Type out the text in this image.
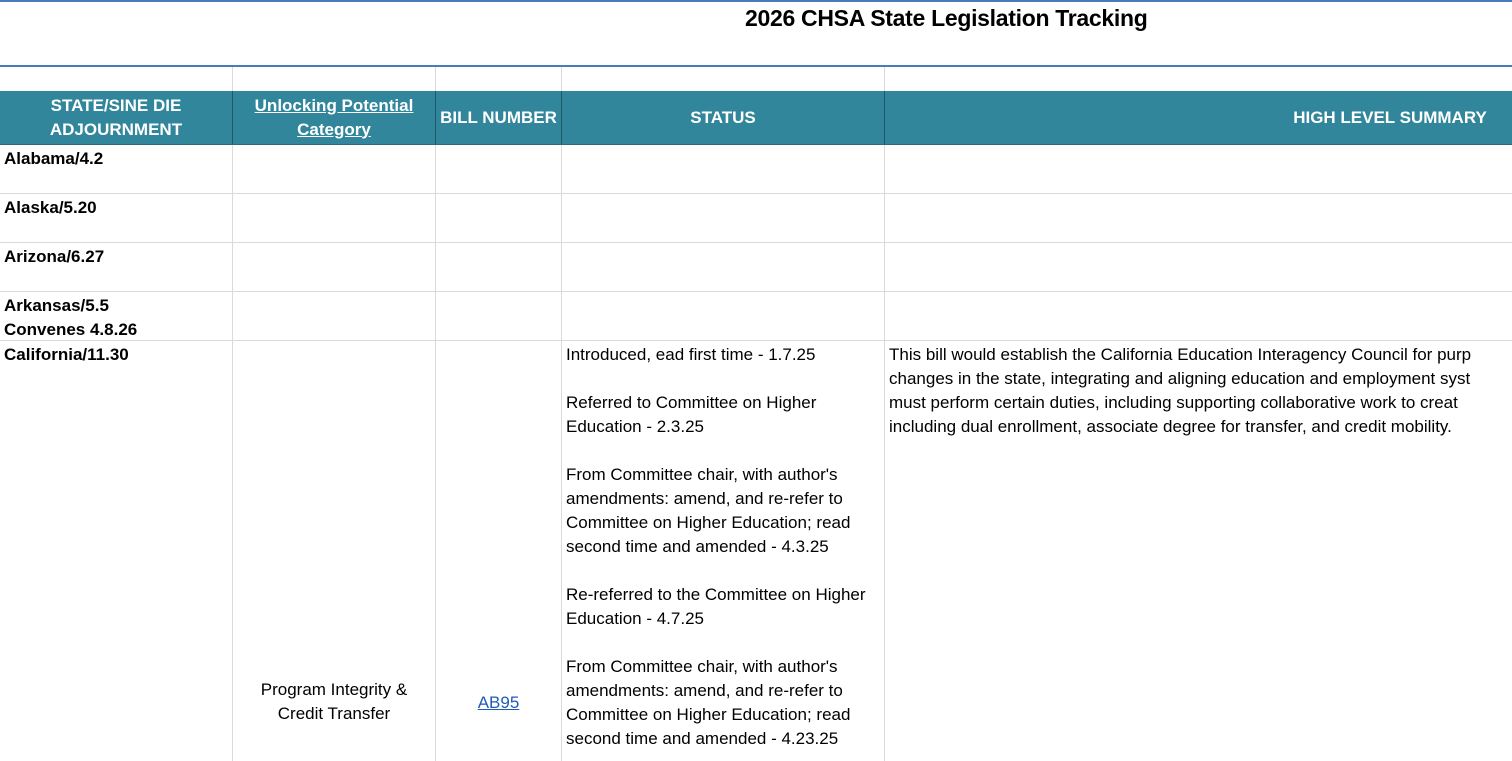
2026 CHSA State Legislation Tracking
STATE/SINE DIE ADJOURNMENT
Unlocking Potential Category
BILL NUMBER	STATUS	HIGH LEVEL SUMMARY
Alabama/4.2
Alaska/5.20
Arizona/6.27
Arkansas/5.5
Convenes 4.8.26
California/11.30
Program Integrity & Credit Transfer
AB95
Introduced, ead first time - 1.7.25

Referred to Committee on Higher Education - 2.3.25

From Committee chair, with author's amendments: amend, and re-refer to Committee on Higher Education; read second time and amended - 4.3.25

Re-referred to the Committee on Higher Education - 4.7.25

From Committee chair, with author's amendments: amend, and re-refer to Committee on Higher Education; read second time and amended - 4.23.25
This bill would establish the California Education Interagency Council for purp
changes in the state, integrating and aligning education and employment syst
must perform certain duties, including supporting collaborative work to creat
including dual enrollment, associate degree for transfer, and credit mobility.
